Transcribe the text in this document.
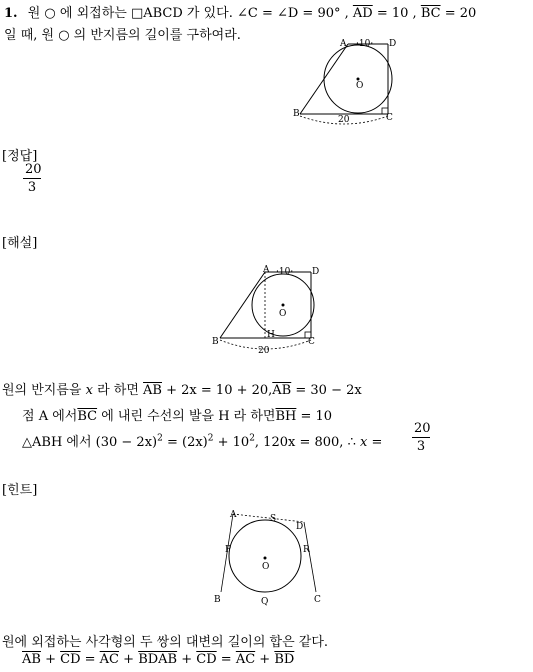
1. 원 ○ 에 외접하는 □ABCD 가 있다. ∠C = ∠D = 90° , $\overline{AD} = 10$ , $\overline{BC} = 20$
일 때, 원 ○ 의 반지름의 길이를 구하여라.
A	D
B	C
O
·10·
20
[정답]
$\frac{20}{3}$
[해설]
A	D
B	C
H
O
·10·
20
원의 반지름을 x 라 하면 $\overline{AB} + 2x = 10 + 20,\overline{AB} = 30 - 2x$
점 A 에서$\overline{BC}$ 에 내린 수선의 발을 H 라 하면$\overline{BH} = 10$
△ABH 에서 $(30 - 2x)^2 = (2x)^2 + 10^2$, 120x = 800, ∴ $x = \frac{20}{3}$
[힌트]
A	S
D
P	R
O
B	Q	C
원에 외접하는 사각형의 두 쌍의 대변의 길이의 합은 같다.
$\overline{AB} + \overline{CD} = \overline{AC}$ + BDAB + $\overline{CD} = \overline{AC} + \overline{BD}$
